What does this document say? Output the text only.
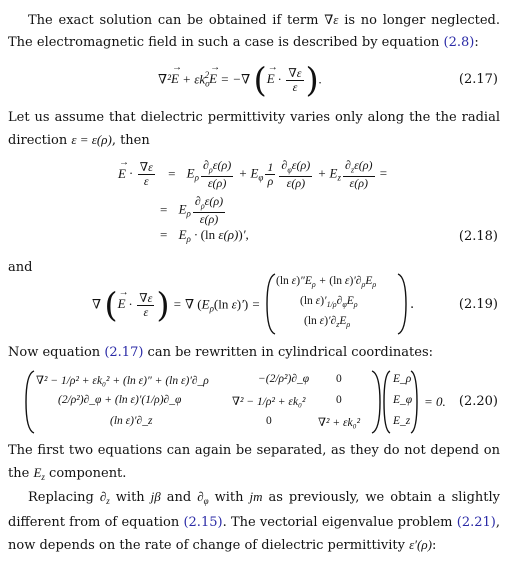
The exact solution can be obtained if term ∇ε is no longer neglected. The electromagnetic field in such a case is described by equation (2.8):

∇²E
→
+ $\varepsilon k_o^2E$
→
= −∇ (E
→
· $\frac{\nabla\varepsilon}{\varepsilon}$ ).	(2.17)

Let us assume that dielectric permittivity varies only along the the radial direction ε = ε(ρ), then

E
→
· $\frac{\nabla\varepsilon}{\varepsilon} = E_\rho \frac{\partial_\rho\varepsilon(\rho)}{\varepsilon(\rho)} + E_\varphi \frac{1}{\rho} \frac{\partial_\varphi\varepsilon(\rho)}{\varepsilon(\rho)} + E_z \frac{\partial_z\varepsilon(\rho)}{\varepsilon(\rho)}$ =
= $E_\rho \frac{\partial_\rho\varepsilon(\rho)}{\varepsilon(\rho)}$
= $E_\rho \cdot (\ln$ ε(ρ))′,	(2.18)

and

∇ (E
→
· $\frac{\nabla\varepsilon}{\varepsilon}$ ) = ∇ ($E_\rho(\ln$ ε)′) =
(ln $\varepsilon)''E_\rho + (\ln$ $\varepsilon)'\partial_\rho E_\rho$
(ln $\varepsilon)'_{1/\rho}\partial_\varphi E_\rho$
(ln $\varepsilon)'\partial_zE_\rho$
.	(2.19)

Now equation (2.17) can be rewritten in cylindrical coordinates:

∇² − 1/ρ² + εk₀² + (ln ε)″ + (ln ε)′∂_ρ	−(2/ρ²)∂_φ 0
(2/ρ²)∂_φ + (ln ε)′(1/ρ)∂_φ	∇² − 1/ρ² + εk₀²	0
(ln ε)′∂_z	0	∇² + εk₀²
E_ρ
E_φ
E_z
= 0. (2.20)

The first two equations can again be separated, as they do not depend on the $E_z$ component.

Replacing $\partial_z$ with jβ and $\partial_\varphi$ with jm as previously, we obtain a slightly different from of equation (2.15). The vectorial eigenvalue problem (2.21), now depends on the rate of change of dielectric permittivity ε′(ρ):
